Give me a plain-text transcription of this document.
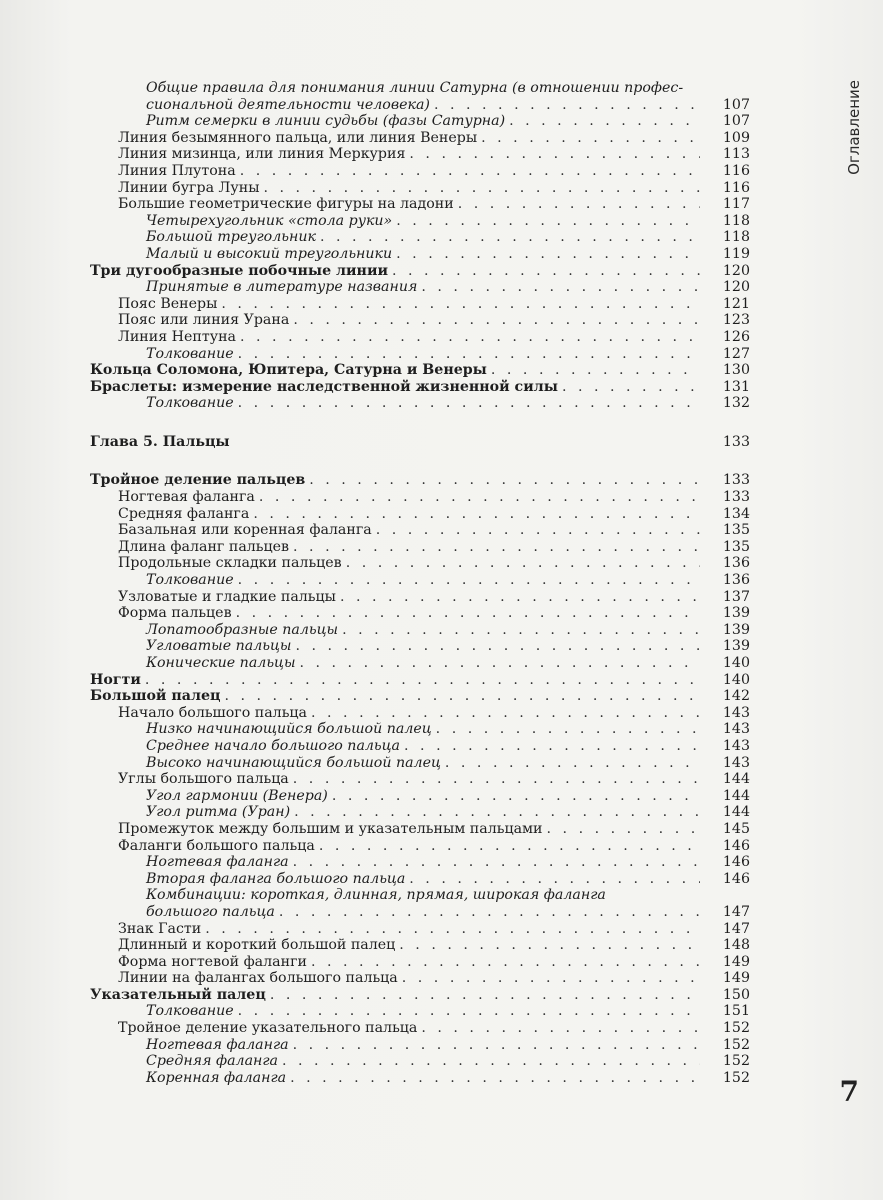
Общие правила для понимания линии Сатурна (в отношении профес-
сиональной деятельности человека) . . .	107
Ритм семерки в линии судьбы (фазы Сатурна) . . .	107
Линия безымянного пальца, или линия Венеры . . .	109
Линия мизинца, или линия Меркурия . . .	113
Линия Плутона . . .	116
Линии бугра Луны . . .	116
Большие геометрические фигуры на ладони . . .	117
Четырехугольник «стола руки» . . .	118
Большой треугольник . . .	118
Малый и высокий треугольники . . .	119
Три дугообразные побочные линии . . .	120
Принятые в литературе названия . . .	120
Пояс Венеры . . .	121
Пояс или линия Урана . . .	123
Линия Нептуна . . .	126
Толкование . . .	127
Кольца Соломона, Юпитера, Сатурна и Венеры . . .	130
Браслеты: измерение наследственной жизненной силы . . .	131
Толкование . . .	132
Глава 5. Пальцы	133
Тройное деление пальцев . . .	133
Ногтевая фаланга . . .	133
Средняя фаланга . . .	134
Базальная или коренная фаланга . . .	135
Длина фаланг пальцев . . .	135
Продольные складки пальцев . . .	136
Толкование . . .	136
Узловатые и гладкие пальцы . . .	137
Форма пальцев . . .	139
Лопатообразные пальцы . . .	139
Угловатые пальцы . . .	139
Конические пальцы . . .	140
Ногти . . .	140
Большой палец . . .	142
Начало большого пальца . . .	143
Низко начинающийся большой палец . . .	143
Среднее начало большого пальца . . .	143
Высоко начинающийся большой палец . . .	143
Углы большого пальца . . .	144
Угол гармонии (Венера) . . .	144
Угол ритма (Уран) . . .	144
Промежуток между большим и указательным пальцами . . .	145
Фаланги большого пальца . . .	146
Ногтевая фаланга . . .	146
Вторая фаланга большого пальца . . .	146
Комбинации: короткая, длинная, прямая, широкая фаланга
большого пальца . . .	147
Знак Гасти . . .	147
Длинный и короткий большой палец . . .	148
Форма ногтевой фаланги . . .	149
Линии на фалангах большого пальца . . .	149
Указательный палец . . .	150
Толкование . . .	151
Тройное деление указательного пальца . . .	152
Ногтевая фаланга . . .	152
Средняя фаланга . . .	152
Коренная фаланга . . .	152
Оглавление
7
